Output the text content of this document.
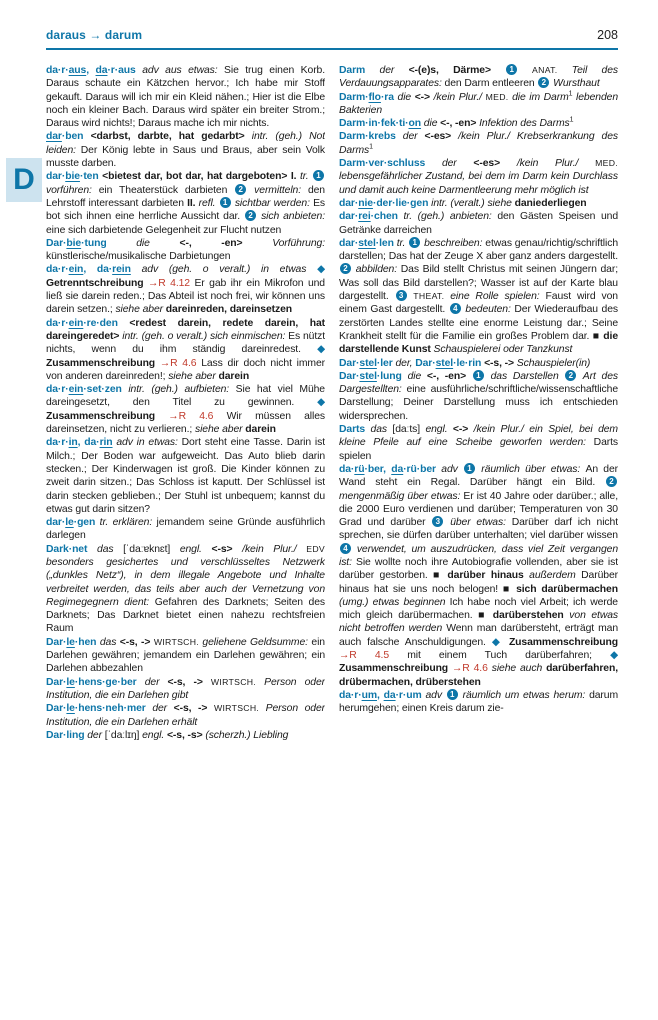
daraus → darum	208
D

da·r·aus, da·r·aus adv aus etwas: Sie trug einen Korb. Daraus schaute ein Kätzchen hervor.; Ich habe mir Stoff gekauft. Daraus will ich mir ein Kleid nähen.; Hier ist die Elbe noch ein kleiner Bach. Daraus wird später ein breiter Strom.; Daraus wird nichts!; Daraus mache ich mir nichts.

dar·ben <darbst, darbte, hat gedarbt> intr. (geh.) Not leiden: Der König lebte in Saus und Braus, aber sein Volk musste darben.

dar·bie·ten <bietest dar, bot dar, hat dargeboten> I. tr. 1 vorführen: ein Theaterstück darbieten 2 vermitteln: den Lehrstoff interessant darbieten II. refl. 1 sichtbar werden: Es bot sich ihnen eine herrliche Aussicht dar. 2 sich anbieten: eine sich darbietende Gelegenheit zur Flucht nutzen

Dar·bie·tung die <-, -en> Vorführung: künstlerische/musikalische Darbietungen

da·r·ein, da·rein adv (geh. o veralt.) in etwas ◆ Getrenntschreibung →R 4.12 Er gab ihr ein Mikrofon und ließ sie darein reden.; Das Abteil ist noch frei, wir können uns darein setzen.; siehe aber dareinreden, dareinsetzen

da·r·ein·re·den <redest darein, redete darein, hat dareingeredet> intr. (geh. o veralt.) sich einmischen: Es nützt nichts, wenn du ihm ständig dareinredest. ◆ Zusammenschreibung →R 4.6 Lass dir doch nicht immer von anderen dareinreden!; siehe aber darein

da·r·ein·set·zen intr. (geh.) aufbieten: Sie hat viel Mühe dareingesetzt, den Titel zu gewinnen. ◆ Zusammenschreibung →R 4.6 Wir müssen alles dareinsetzen, nicht zu verlieren.; siehe aber darein

da·r·in, da·rin adv in etwas: Dort steht eine Tasse. Darin ist Milch.; Der Boden war aufgeweicht. Das Auto blieb darin stecken.; Der Kinderwagen ist groß. Die Kinder können zu zweit darin sitzen.; Das Schloss ist kaputt. Der Schlüssel ist darin stecken geblieben.; Der Stuhl ist unbequem; kannst du etwas gut darin sitzen?

dar·le·gen tr. erklären: jemandem seine Gründe ausführlich darlegen

Dark·net das [ˈdaːɐknɛt] engl. <-s> /kein Plur./ EDV besonders gesichertes und verschlüsseltes Netzwerk („dunkles Netz“), in dem illegale Angebote und Inhalte verbreitet werden, das teils aber auch der Vernetzung von Regimegegnern dient: Gefahren des Darknets; Seiten des Darknets; Das Darknet bietet einen nahezu rechtsfreien Raum

Dar·le·hen das <-s, -> WIRTSCH. geliehene Geldsumme: ein Darlehen gewähren; jemandem ein Darlehen gewähren; ein Darlehen abbezahlen

Dar·le·hens·ge·ber der <-s, -> WIRTSCH. Person oder Institution, die ein Darlehen gibt

Dar·le·hens·neh·mer der <-s, -> WIRTSCH. Person oder Institution, die ein Darlehen erhält

Dar·ling der [ˈdaːlɪŋ] engl. <-s, -s> (scherzh.) Liebling

Darm der <-(e)s, Därme> 1 ANAT. Teil des Verdauungsapparates: den Darm entleeren 2 Wursthaut

Darm·flo·ra die <-> /kein Plur./ MED. die im Darm$^1$ lebenden Bakterien

Darm·in·fek·ti·on die <-, -en> Infektion des Darms$^1$

Darm·krebs der <-es> /kein Plur./ Krebserkrankung des Darms$^1$

Darm·ver·schluss der <-es> /kein Plur./ MED. lebensgefährlicher Zustand, bei dem im Darm kein Durchlass und damit auch keine Darmentleerung mehr möglich ist

dar·nie·der·lie·gen intr. (veralt.) siehe daniederliegen

dar·rei·chen tr. (geh.) anbieten: den Gästen Speisen und Getränke darreichen

dar·stel·len tr. 1 beschreiben: etwas genau/richtig/schriftlich darstellen; Das hat der Zeuge X aber ganz anders dargestellt. 2 abbilden: Das Bild stellt Christus mit seinen Jüngern dar; Was soll das Bild darstellen?; Wasser ist auf der Karte blau dargestellt. 3 THEAT. eine Rolle spielen: Faust wird von einem Gast dargestellt. 4 bedeuten: Der Wiederaufbau des zerstörten Landes stellte eine enorme Leistung dar.; Seine Krankheit stellt für die Familie ein großes Problem dar. ■ die darstellende Kunst Schauspielerei oder Tanzkunst

Dar·stel·ler der, Dar·stel·le·rin <-s, -> Schauspieler(in)

Dar·stel·lung die <-, -en> 1 das Darstellen 2 Art des Dargestellten: eine ausführliche/schriftliche/wissenschaftliche Darstellung; Deiner Darstellung muss ich entschieden widersprechen.

Darts das [daːts] engl. <-> /kein Plur./ ein Spiel, bei dem kleine Pfeile auf eine Scheibe geworfen werden: Darts spielen

da·rü·ber, da·rü·ber adv 1 räumlich über etwas: An der Wand steht ein Regal. Darüber hängt ein Bild. 2 mengenmäßig über etwas: Er ist 40 Jahre oder darüber.; alle, die 2000 Euro verdienen und darüber; Temperaturen von 30 Grad und darüber 3 über etwas: Darüber darf ich nicht sprechen, sie dürfen darüber unterhalten; viel darüber wissen 4 verwendet, um auszudrücken, dass viel Zeit vergangen ist: Sie wollte noch ihre Autobiografie vollenden, aber sie ist darüber gestorben. ■ darüber hinaus außerdem Darüber hinaus hat sie uns noch belogen! ■ sich darübermachen (umg.) etwas beginnen Ich habe noch viel Arbeit; ich werde mich gleich darübermachen. ■ darüberstehen von etwas nicht betroffen werden Wenn man darübersteht, erträgt man auch falsche Anschuldigungen. ◆ Zusammenschreibung →R 4.5 mit einem Tuch darüberfahren; ◆ Zusammenschreibung →R 4.6 siehe auch darüberfahren, drübermachen, drüberstehen

da·r·um, da·r·um adv 1 räumlich um etwas herum: darum herumgehen; einen Kreis darum zie-
